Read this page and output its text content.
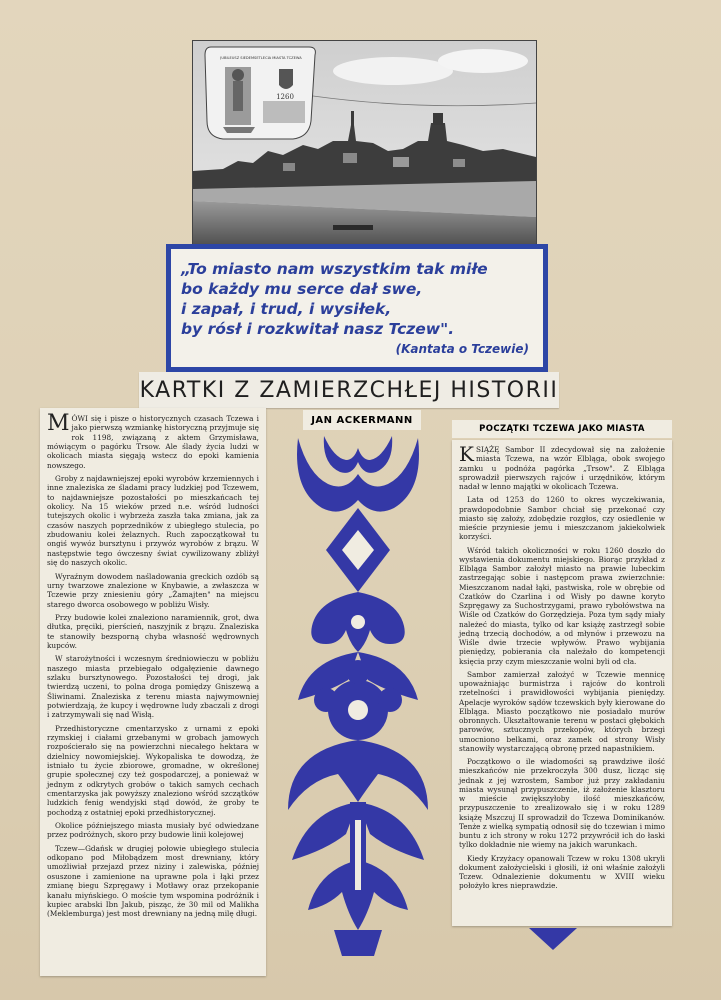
JUBILEUSZ SIEDEMSETLECIA MIASTA TCZEWA
1260
„To miasto nam wszystkim tak miłe
bo każdy mu serce dał swe,
i zapał, i trud, i wysiłek,
by rósł i rozkwitał nasz Tczew".
(Kantata o Tczewie)
KARTKI Z ZAMIERZCHŁEJ HISTORII

MÓWI się i pisze o historycznych czasach Tczewa i jako pierwszą wzmiankę historyczną przyjmuje się rok 1198, związaną z aktem Grzymisława, mówiącym o pagórku Trsow. Ale ślady życia ludzi w okolicach miasta sięgają wstecz do epoki kamienia nowszego.

Groby z najdawniejszej epoki wyrobów krzemiennych i inne znaleziska ze śladami pracy ludzkiej pod Tczewem, to najdawniejsze pozostałości po mieszkańcach tej okolicy. Na 15 wieków przed n.e. wśród ludności tutejszych okolic i wybrzeża zaszła taka zmiana, jak za czasów naszych poprzedników z ubiegłego stulecia, po zbudowaniu kolei żelaznych. Ruch zapoczątkował tu ongiś wywóz bursztynu i przywóz wyrobów z brązu. W następstwie tego ówczesny świat cywilizowany zbliżył się do naszych okolic.

Wyraźnym dowodem naśladowania greckich ozdób są urny twarzowe znalezione w Knybawie, a zwłaszcza w Tczewie przy zniesieniu góry „Żamajten" na miejscu starego dworca osobowego w pobliżu Wisły.

Przy budowie kolei znaleziono naramiennik, grot, dwa dłutka, pręciki, pierścień, naszyjnik z brązu. Znaleziska te stanowiły bezsporną chyba własność wędrownych kupców.

W starożytności i wczesnym średniowieczu w pobliżu naszego miasta przebiegało odgałęzienie dawnego szlaku bursztynowego. Pozostałości tej drogi, jak twierdzą uczeni, to polna droga pomiędzy Gniszewą a Śliwinami. Znaleziska z terenu miasta najwymowniej potwierdzają, że kupcy i wędrowne ludy zbaczali z drogi i zatrzymywali się nad Wisłą.

Przedhistoryczne cmentarzysko z urnami z epoki rzymskiej i ciałami grzebanymi w grobach jamowych rozpościerało się na powierzchni niecałego hektara w dzielnicy nowomiejskiej. Wykopaliska te dowodzą, że istniało tu życie zbiorowe, gromadne, w określonej grupie społecznej czy też gospodarczej, a ponieważ w jednym z odkrytych grobów o takich samych cechach cmentarzyska jak powyższy znaleziono wśród szczątków ludzkich fenig wendyjski stąd dowód, że groby te pochodzą z ostatniej epoki przedhistorycznej.

Okolice późniejszego miasta musiały być odwiedzane przez podróżnych, skoro przy budowie linii kolejowej

Tczew—Gdańsk w drugiej połowie ubiegłego stulecia odkopano pod Miłobądzem most drewniany, który umożliwiał przejazd przez niziny i zalewiska, później osuszone i zamienione na uprawne pola i łąki przez zmianę biegu Szpręgawy i Motławy oraz przekopanie kanału miyńskiego. O moście tym wspomina podróżnik i kupiec arabski Ibn Jakub, pisząc, że 30 mil od Malikha (Meklemburga) jest most drewniany na jedną milę długi.

JAN ACKERMANN
POCZĄTKI TCZEWA JAKO MIASTA

KSIĄŻĘ Sambor II zdecydował się na założenie miasta Tczewa, na wzór Elbląga, obok swojego zamku u podnóża pagórka „Trsow". Z Elbląga sprowadził pierwszych rajców i urzędników, którym nadał w lenno majątki w okolicach Tczewa.

Lata od 1253 do 1260 to okres wyczekiwania, prawdopodobnie Sambor chciał się przekonać czy miasto się założy, zdobędzie rozgłos, czy osiedlenie w mieście przyniesie jemu i mieszczanom jakiekolwiek korzyści.

Wśród takich okoliczności w roku 1260 doszło do wystawienia dokumentu miejskiego. Biorąc przykład z Elbląga Sambor założył miasto na prawie lubeckim zastrzegając sobie i następcom prawa zwierzchnie: Mieszczanom nadał łąki, pastwiska, role w obrębie od Czatków do Czarlina i od Wisły po dawne koryto Szpręgawy za Suchostrzygami, prawo rybołówstwa na Wiśle od Czatków do Gorzędzieja. Poza tym sądy miały należeć do miasta, tylko od kar książę zastrzegł sobie jedną trzecią dochodów, a od młynów i przewozu na Wiśle dwie trzecie wpływów. Prawo wybijania pieniędzy, pobierania cła należało do kompetencji księcia przy czym mieszczanie wolni byli od cła.

Sambor zamierzał założyć w Tczewie mennicę upoważniając burmistrza i rajców do kontroli rzetelności i prawidłowości wybijania pieniędzy. Apelacje wyroków sądów tczewskich były kierowane do Elbląga. Miasto początkowo nie posiadało murów obronnych. Ukształtowanie terenu w postaci głębokich parowów, sztucznych przekopów, których brzegi umocniono belkami, oraz zamek od strony Wisły stanowiły wystarczającą obronę przed napastnikiem.

Początkowo o ile wiadomości są prawdziwe ilość mieszkańców nie przekroczyła 300 dusz, licząc się jednak z jej wzrostem, Sambor już przy zakładaniu miasta wysunął przypuszczenie, iż założenie klasztoru w mieście zwiększyłoby ilość mieszkańców, przypuszczenie to zrealizowało się i w roku 1289 książę Mszczuj II sprowadził do Tczewa Dominikanów. Tenże z wielką sympatią odnosił się do tczewian i mimo buntu z ich strony w roku 1272 przywrócił ich do łaski tylko dokładnie nie wiemy na jakich warunkach.

Kiedy Krzyżacy opanowali Tczew w roku 1308 ukryli dokument założycielski i głosili, iż oni właśnie założyli Tczew. Odnalezienie dokumentu w XVIII wieku położyło kres nieprawdzie.
